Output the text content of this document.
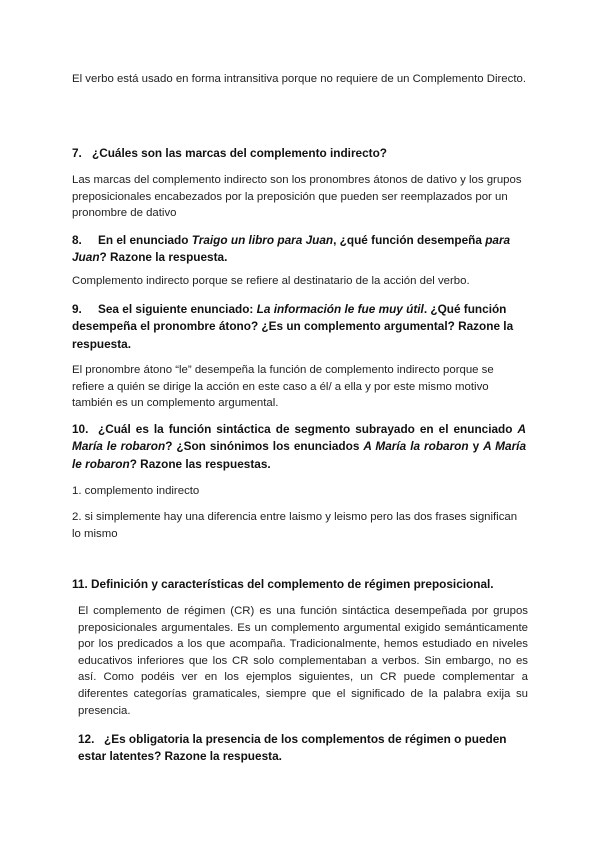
El verbo está usado en forma intransitiva porque no requiere de un Complemento Directo.

7. ¿Cuáles son las marcas del complemento indirecto?

Las marcas del complemento indirecto son los pronombres átonos de dativo y los grupos preposicionales encabezados por la preposición que pueden ser reemplazados por un pronombre de dativo

8. En el enunciado Traigo un libro para Juan, ¿qué función desempeña para Juan? Razone la respuesta.

Complemento indirecto porque se refiere al destinatario de la acción del verbo.

9. Sea el siguiente enunciado: La información le fue muy útil. ¿Qué función desempeña el pronombre átono? ¿Es un complemento argumental? Razone la respuesta.

El pronombre átono “le” desempeña la función de complemento indirecto porque se refiere a quién se dirige la acción en este caso a él/ a ella y por este mismo motivo también es un complemento argumental.

10. ¿Cuál es la función sintáctica de segmento subrayado en el enunciado A María le robaron? ¿Son sinónimos los enunciados A María la robaron y A María le robaron? Razone las respuestas.

1. complemento indirecto

2. si simplemente hay una diferencia entre laismo y leismo pero las dos frases significan lo mismo

11. Definición y características del complemento de régimen preposicional.

El complemento de régimen (CR) es una función sintáctica desempeñada por grupos preposicionales argumentales. Es un complemento argumental exigido semánticamente por los predicados a los que acompaña. Tradicionalmente, hemos estudiado en niveles educativos inferiores que los CR solo complementaban a verbos. Sin embargo, no es así. Como podéis ver en los ejemplos siguientes, un CR puede complementar a diferentes categorías gramaticales, siempre que el significado de la palabra exija su presencia.

12. ¿Es obligatoria la presencia de los complementos de régimen o pueden estar latentes? Razone la respuesta.
